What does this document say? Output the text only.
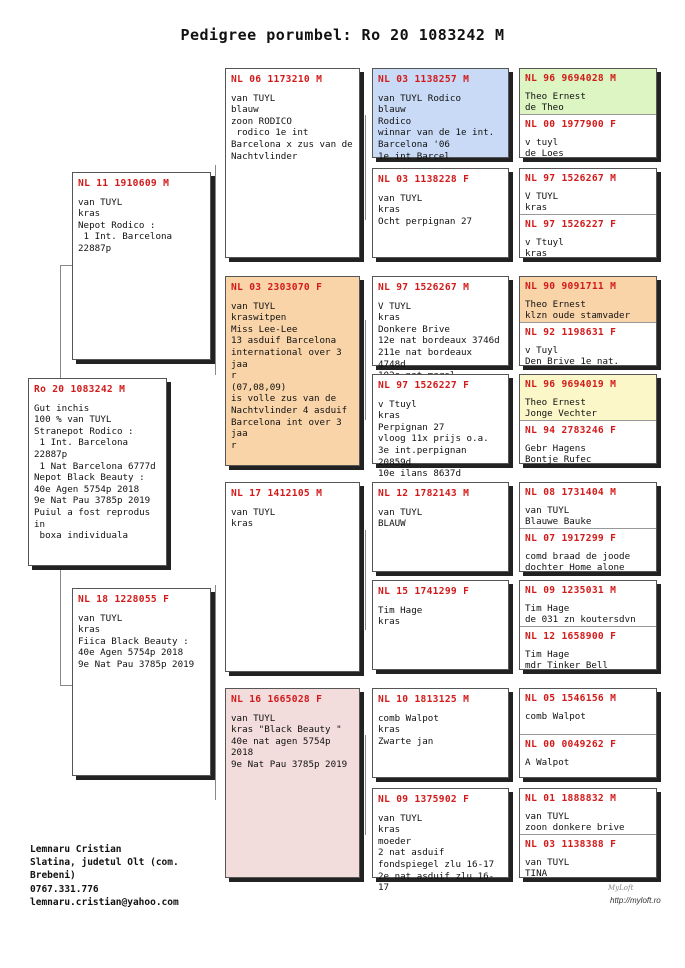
Pedigree porumbel: Ro 20 1083242 M
Ro 20 1083242 M
Gut inchis
100 % van TUYL
Stranepot Rodico :
1 Int. Barcelona 22887p
1 Nat Barcelona 6777d
Nepot Black Beauty :
40e Agen 5754p 2018
9e Nat Pau 3785p 2019
Puiul a fost reprodus in
boxa individuala
NL 11 1910609 M
van TUYL
kras
Nepot Rodico :
1 Int. Barcelona 22887p
NL 18 1228055 F
van TUYL
kras
Fiica Black Beauty :
40e Agen 5754p 2018
9e Nat Pau 3785p 2019
NL 06 1173210 M
van TUYL
blauw
zoon RODICO
rodico 1e int
Barcelona x zus van de
Nachtvlinder
NL 03 2303070 F
van TUYL
kraswitpen
Miss Lee-Lee
13 asduif Barcelona
international over 3 jaa
r
(07,08,09)
is volle zus van de
Nachtvlinder 4 asduif
Barcelona int over 3 jaa
r
NL 17 1412105 M
van TUYL
kras
NL 16 1665028 F
van TUYL
kras "Black Beauty "
40e nat agen 5754p 2018
9e Nat Pau 3785p 2019
NL 03 1138257 M
van TUYL Rodico
blauw
Rodico
winnar van de 1e int.
Barcelona '06
1e int Barcel
NL 03 1138228 F
van TUYL
kras
Ocht perpignan 27
NL 97 1526267 M
V TUYL
kras
Donkere Brive
12e nat bordeaux 3746d
211e nat bordeaux 4748d

NL 97 1526227 F
v Ttuyl
kras
Perpignan 27
vloog 11x prijs o.a.
3e int.perpignan 20859d
10e ilans 8637d
NL 12 1782143 M
van TUYL
BLAUW
NL 15 1741299 F
Tim Hage
kras
NL 10 1813125 M
comb Walpot
kras
Zwarte jan
NL 09 1375902 F
van TUYL
kras
moeder
2 nat asduif
fondspiegel zlu 16-17
2e nat asduif zlu 16-17
NL 96 9694028 M
Theo Ernest
de Theo
NL 00 1977900 F
v tuyl
de Loes
NL 97 1526267 M
V TUYL
kras
NL 97 1526227 F
v Ttuyl
kras
NL 90 9091711 M
Theo Ernest
klzn oude stamvader
NL 92 1198631 F
v Tuyl
Den Brive 1e nat.
NL 96 9694019 M
Theo Ernest
Jonge Vechter
NL 94 2783246 F
Gebr Hagens
Bontje Rufec
NL 08 1731404 M
van TUYL
Blauwe Bauke
NL 07 1917299 F
comd braad de joode
dochter Home alone
NL 09 1235031 M
Tim Hage
de 031 zn koutersdvn
NL 12 1658900 F
Tim Hage
mdr Tinker Bell
NL 05 1546156 M
comb Walpot
NL 00 0049262 F
A Walpot
NL 01 1888832 M
van TUYL
zoon donkere brive
NL 03 1138388 F
van TUYL
TINA
Lemnaru Cristian
Slatina, judetul Olt (com.
Brebeni)
0767.331.776
lemnaru.cristian@yahoo.com
MyLoft
http://myloft.ro
